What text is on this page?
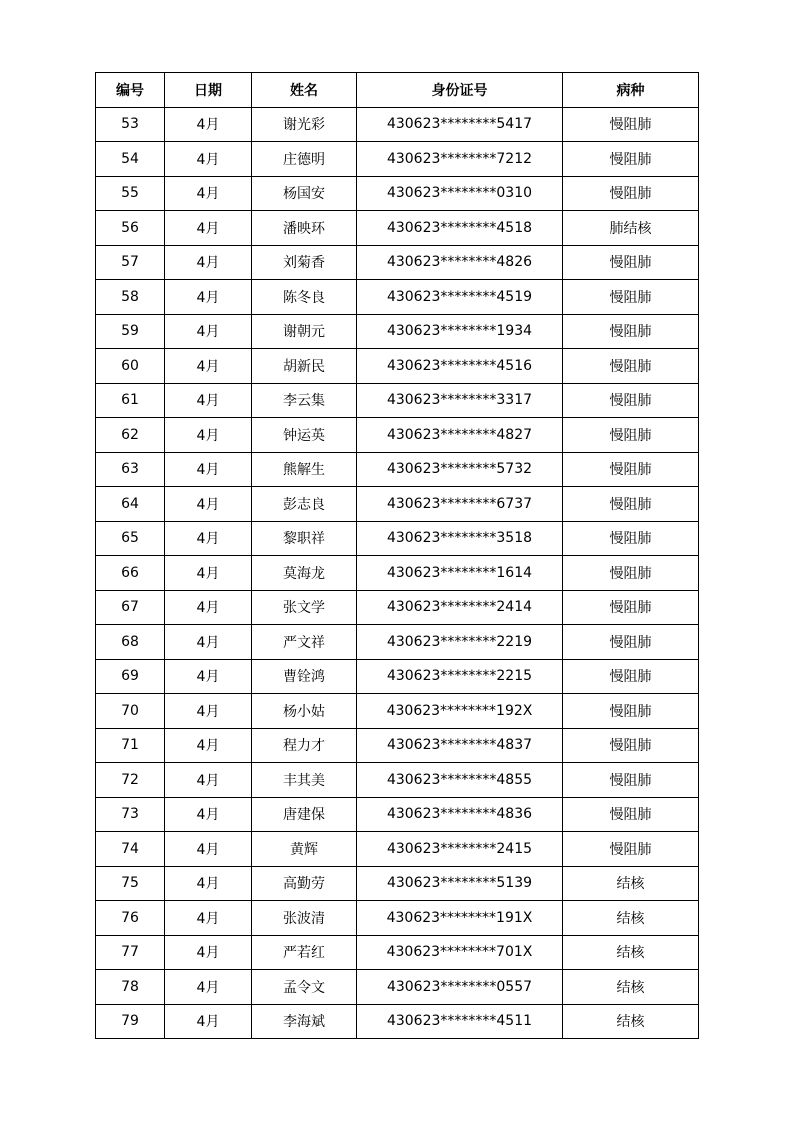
编号	日期	姓名	身份证号	病种
53	4月	谢光彩	430623********5417	慢阻肺
54	4月	庄德明	430623********7212	慢阻肺
55	4月	杨国安	430623********0310	慢阻肺
56	4月	潘映环	430623********4518	肺结核
57	4月	刘菊香	430623********4826	慢阻肺
58	4月	陈冬良	430623********4519	慢阻肺
59	4月	谢朝元	430623********1934	慢阻肺
60	4月	胡新民	430623********4516	慢阻肺
61	4月	李云集	430623********3317	慢阻肺
62	4月	钟运英	430623********4827	慢阻肺
63	4月	熊解生	430623********5732	慢阻肺
64	4月	彭志良	430623********6737	慢阻肺
65	4月	黎职祥	430623********3518	慢阻肺
66	4月	莫海龙	430623********1614	慢阻肺
67	4月	张文学	430623********2414	慢阻肺
68	4月	严文祥	430623********2219	慢阻肺
69	4月	曹铨鸿	430623********2215	慢阻肺
70	4月	杨小姑	430623********192X	慢阻肺
71	4月	程力才	430623********4837	慢阻肺
72	4月	丰其美	430623********4855	慢阻肺
73	4月	唐建保	430623********4836	慢阻肺
74	4月	黄辉	430623********2415	慢阻肺
75	4月	高勤劳	430623********5139	结核
76	4月	张波清	430623********191X	结核
77	4月	严若红	430623********701X	结核
78	4月	孟令文	430623********0557	结核
79	4月	李海斌	430623********4511	结核
